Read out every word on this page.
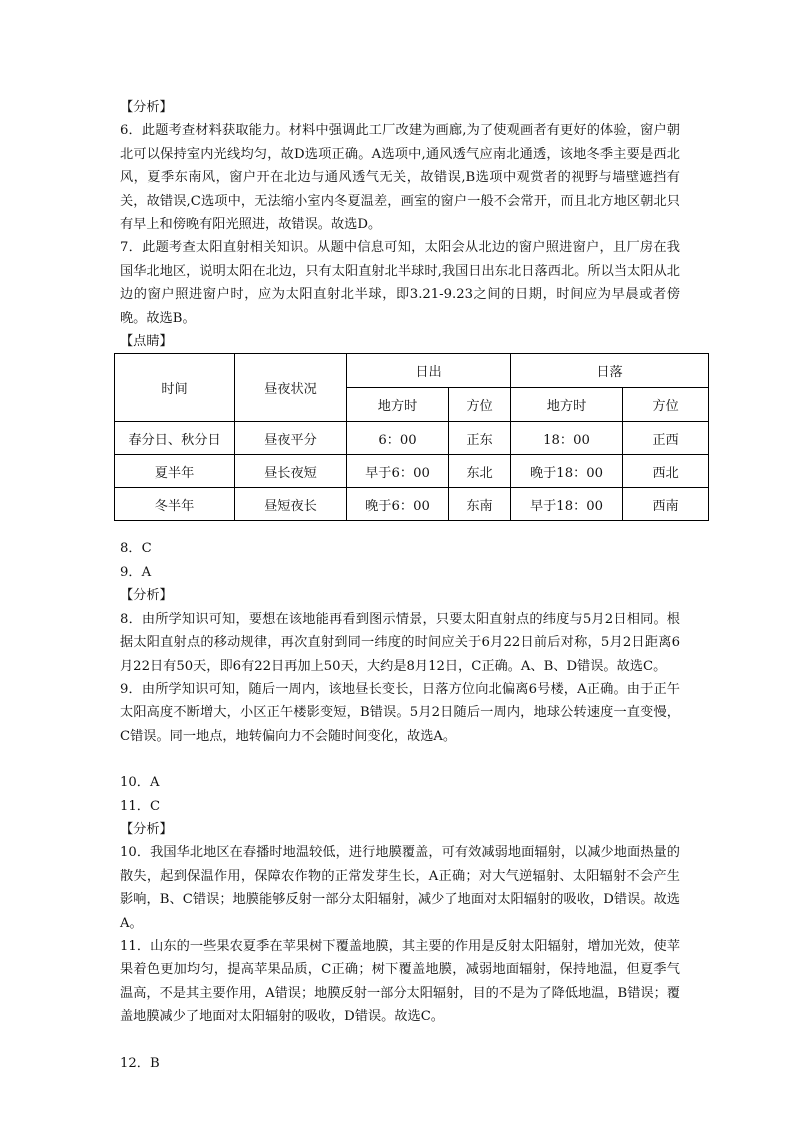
【分析】

6．此题考查材料获取能力。材料中强调此工厂改建为画廊,为了使观画者有更好的体验，窗户朝北可以保持室内光线均匀，故D选项正确。A选项中,通风透气应南北通透，该地冬季主要是西北风，夏季东南风，窗户开在北边与通风透气无关，故错误,B选项中观赏者的视野与墙壁遮挡有关，故错误,C选项中，无法缩小室内冬夏温差，画室的窗户一般不会常开，而且北方地区朝北只有早上和傍晚有阳光照进，故错误。故选D。

7．此题考查太阳直射相关知识。从题中信息可知，太阳会从北边的窗户照进窗户，且厂房在我国华北地区，说明太阳在北边，只有太阳直射北半球时,我国日出东北日落西北。所以当太阳从北边的窗户照进窗户时，应为太阳直射北半球，即3.21-9.23之间的日期，时间应为早晨或者傍晚。故选B。

【点睛】

时间	昼夜状况	日出		日落	
		地方时	方位	地方时	方位
春分日、秋分日	昼夜平分	6：00	正东	18：00	正西
夏半年	昼长夜短	早于6：00	东北	晚于18：00	西北
冬半年	昼短夜长	晚于6：00	东南	早于18：00	西南

8．C

9．A

【分析】

8．由所学知识可知，要想在该地能再看到图示情景，只要太阳直射点的纬度与5月2日相同。根据太阳直射点的移动规律，再次直射到同一纬度的时间应关于6月22日前后对称，5月2日距离6月22日有50天，即6有22日再加上50天，大约是8月12日，C正确。A、B、D错误。故选C。

9．由所学知识可知，随后一周内，该地昼长变长，日落方位向北偏离6号楼，A正确。由于正午太阳高度不断增大，小区正午楼影变短，B错误。5月2日随后一周内，地球公转速度一直变慢，C错误。同一地点，地转偏向力不会随时间变化，故选A。

10．A

11．C

【分析】

10．我国华北地区在春播时地温较低，进行地膜覆盖，可有效减弱地面辐射，以减少地面热量的散失，起到保温作用，保障农作物的正常发芽生长，A正确；对大气逆辐射、太阳辐射不会产生影响，B、C错误；地膜能够反射一部分太阳辐射，减少了地面对太阳辐射的吸收，D错误。故选A。

11．山东的一些果农夏季在苹果树下覆盖地膜，其主要的作用是反射太阳辐射，增加光效，使苹果着色更加均匀，提高苹果品质，C正确；树下覆盖地膜，减弱地面辐射，保持地温，但夏季气温高，不是其主要作用，A错误；地膜反射一部分太阳辐射，目的不是为了降低地温，B错误；覆盖地膜减少了地面对太阳辐射的吸收，D错误。故选C。

12．B
